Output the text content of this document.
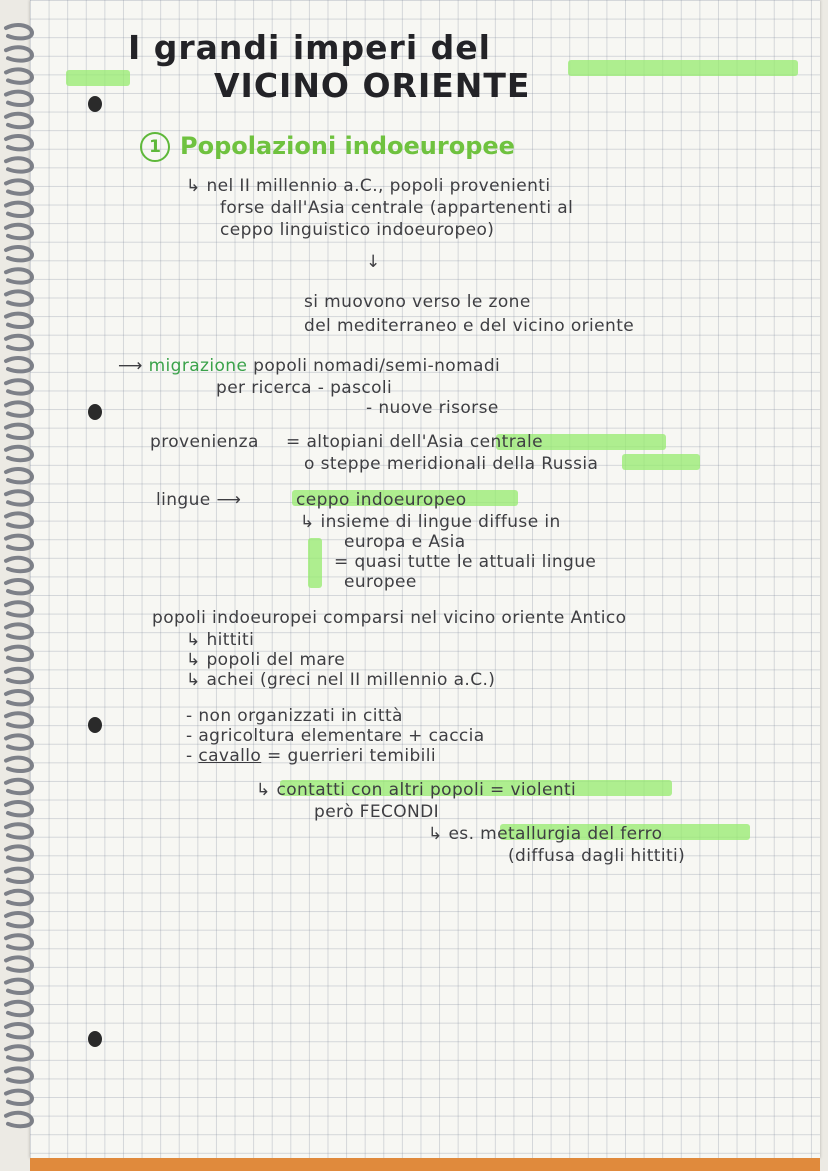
I grandi imperi del
VICINO ORIENTE
1 Popolazioni indoeuropee
↳ nel II millennio a.C., popoli provenienti
forse dall'Asia centrale (appartenenti al
ceppo linguistico indoeuropeo)
↓
si muovono verso le zone
del mediterraneo e del vicino oriente
⟶ migrazione popoli nomadi/semi-nomadi
per ricerca - pascoli
- nuove risorse
provenienza = altopiani dell'Asia centrale
o steppe meridionali della Russia
lingue ⟶	ceppo indoeuropeo
↳ insieme di lingue diffuse in
europa e Asia
= quasi tutte le attuali lingue
europee
popoli indoeuropei comparsi nel vicino oriente Antico
↳ hittiti
↳ popoli del mare
↳ achei (greci nel II millennio a.C.)
- non organizzati in città
- agricoltura elementare + caccia
- cavallo = guerrieri temibili
↳ contatti con altri popoli = violenti
però FECONDI
↳ es. metallurgia del ferro
(diffusa dagli hittiti)
